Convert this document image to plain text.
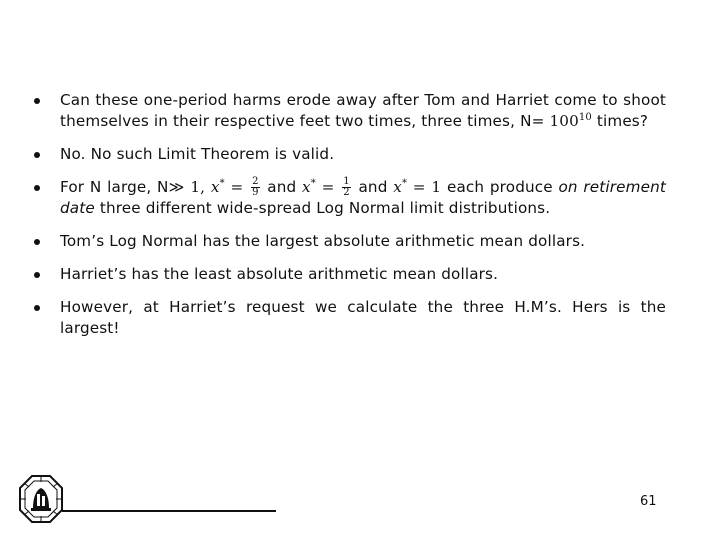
Can these one-period harms erode away after Tom and Harriet come to shoot themselves in their respective feet two times, three times, $N= 100^{10}$ times?
No. No such Limit Theorem is valid.
For N large, N≫ 1, $x^* = \frac{2}{9}$ and $x^* = \frac{1}{2}$ and x* = 1 each produce on retirement date three different wide-spread Log Normal limit distributions.
Tom’s Log Normal has the largest absolute arithmetic mean dollars.
Harriet’s has the least absolute arithmetic mean dollars.
However, at Harriet’s request we calculate the three H.M’s. Hers is the largest!
61
